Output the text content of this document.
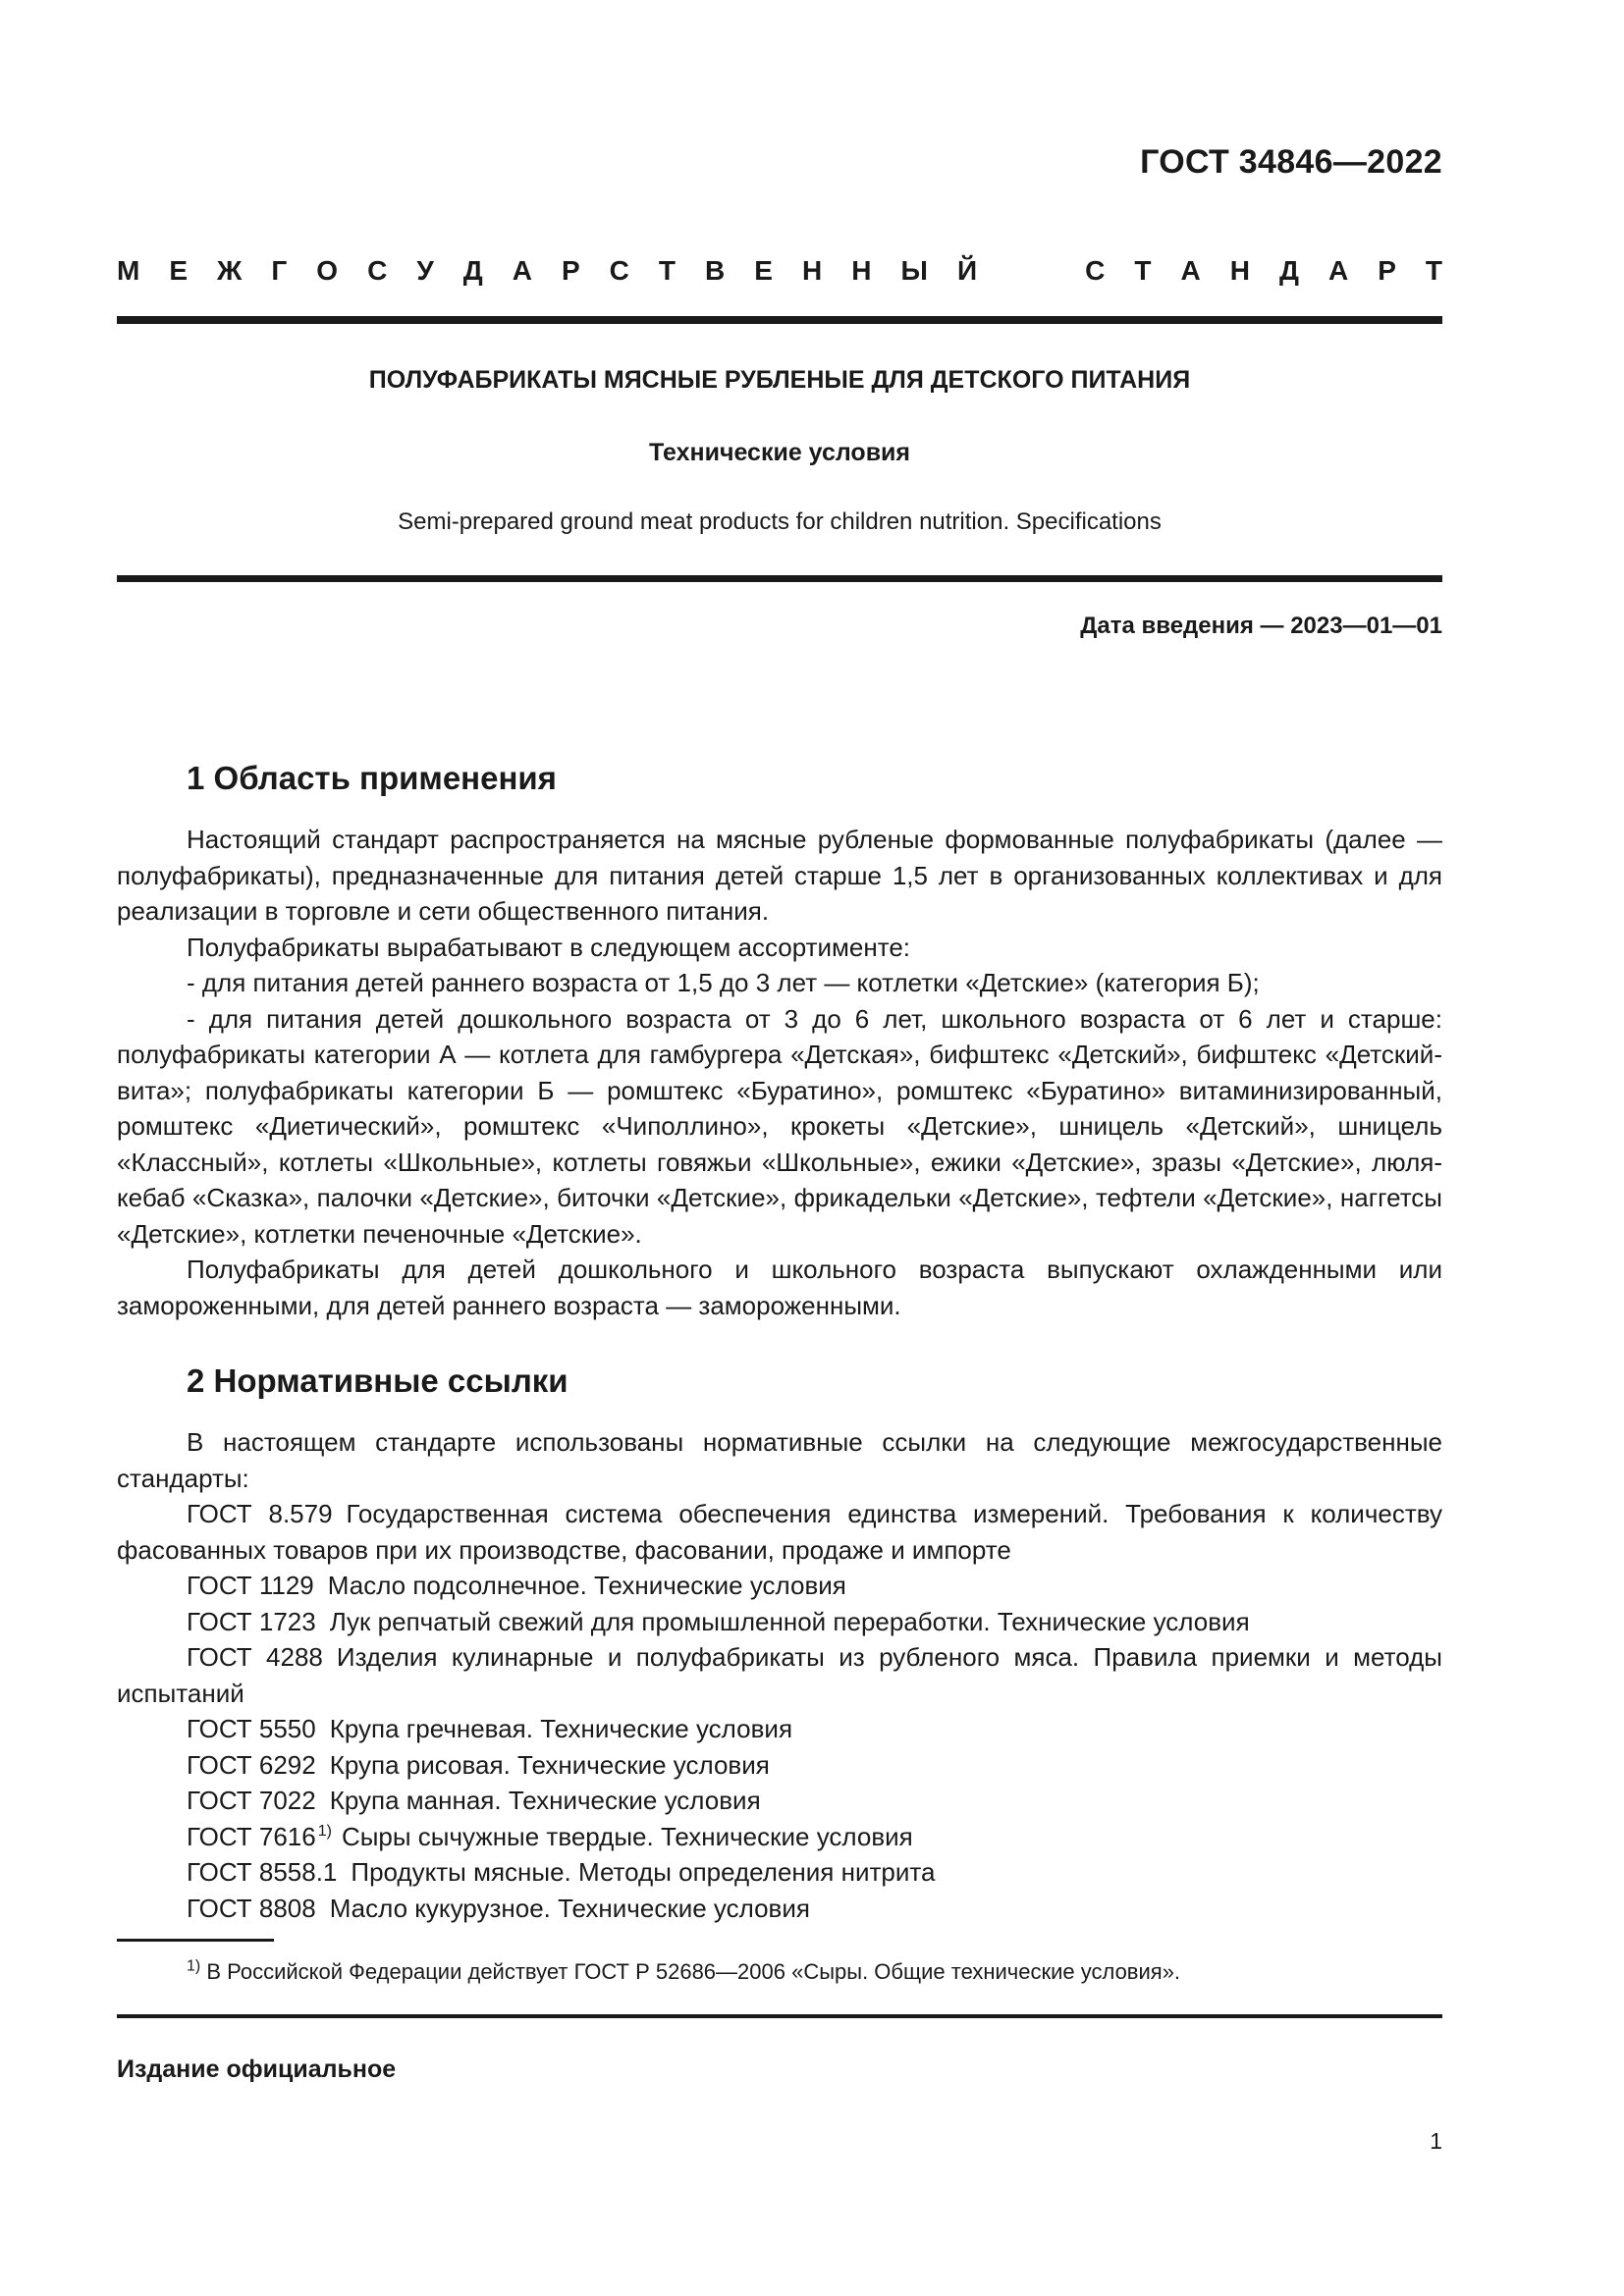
ГОСТ 34846—2022
М Е Ж Г О С У Д А Р С Т В Е Н Н Ы Й	С Т А Н Д А Р Т
ПОЛУФАБРИКАТЫ МЯСНЫЕ РУБЛЕНЫЕ ДЛЯ ДЕТСКОГО ПИТАНИЯ
Технические условия
Semi-prepared ground meat products for children nutrition. Specifications
Дата введения — 2023—01—01
1 Область применения

Настоящий стандарт распространяется на мясные рубленые формованные полуфабрикаты (далее — полуфабрикаты), предназначенные для питания детей старше 1,5 лет в организованных коллективах и для реализации в торговле и сети общественного питания.

Полуфабрикаты вырабатывают в следующем ассортименте:

- для питания детей раннего возраста от 1,5 до 3 лет — котлетки «Детские» (категория Б);

- для питания детей дошкольного возраста от 3 до 6 лет, школьного возраста от 6 лет и старше: полуфабрикаты категории А — котлета для гамбургера «Детская», бифштекс «Детский», бифштекс «Детский-вита»; полуфабрикаты категории Б — ромштекс «Буратино», ромштекс «Буратино» витаминизированный, ромштекс «Диетический», ромштекс «Чиполлино», крокеты «Детские», шницель «Детский», шницель «Классный», котлеты «Школьные», котлеты говяжьи «Школьные», ежики «Детские», зразы «Детские», люля-кебаб «Сказка», палочки «Детские», биточки «Детские», фрикадельки «Детские», тефтели «Детские», наггетсы «Детские», котлетки печеночные «Детские».

Полуфабрикаты для детей дошкольного и школьного возраста выпускают охлажденными или замороженными, для детей раннего возраста — замороженными.

2 Нормативные ссылки

В настоящем стандарте использованы нормативные ссылки на следующие межгосударственные стандарты:

ГОСТ 8.579 Государственная система обеспечения единства измерений. Требования к количеству фасованных товаров при их производстве, фасовании, продаже и импорте

ГОСТ 1129 Масло подсолнечное. Технические условия

ГОСТ 1723 Лук репчатый свежий для промышленной переработки. Технические условия

ГОСТ 4288 Изделия кулинарные и полуфабрикаты из рубленого мяса. Правила приемки и методы испытаний

ГОСТ 5550 Крупа гречневая. Технические условия

ГОСТ 6292 Крупа рисовая. Технические условия

ГОСТ 7022 Крупа манная. Технические условия

ГОСТ 7616 $^{1)}$ Сыры сычужные твердые. Технические условия

ГОСТ 8558.1 Продукты мясные. Методы определения нитрита

ГОСТ 8808 Масло кукурузное. Технические условия

$^{1)}$ В Российской Федерации действует ГОСТ Р 52686—2006 «Сыры. Общие технические условия».
Издание официальное
1
